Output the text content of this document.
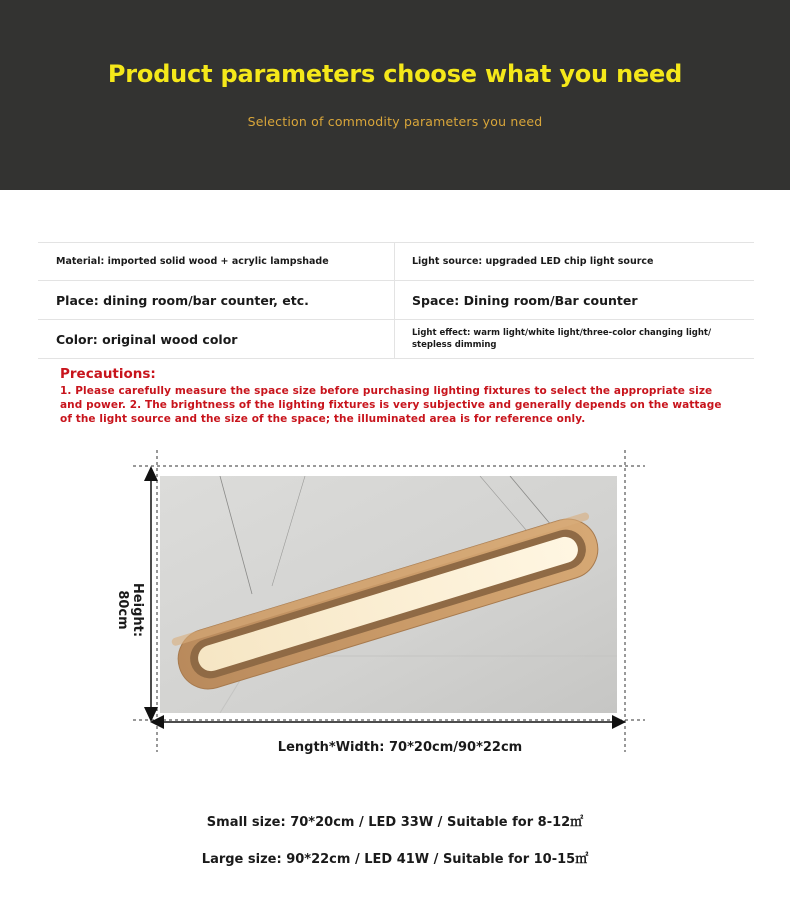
Product parameters choose what you need
Selection of commodity parameters you need
Material: imported solid wood + acrylic lampshade	Light source: upgraded LED chip light source
Place: dining room/bar counter, etc.	Space: Dining room/Bar counter
Color: original wood color	Light effect: warm light/white light/three-color changing light/
stepless dimming
Precautions:
1. Please carefully measure the space size before purchasing lighting fixtures to select the appropriate size
and power. 2. The brightness of the lighting fixtures is very subjective and generally depends on the wattage
of the light source and the size of the space; the illuminated area is for reference only.
Height: 80cm
Length*Width: 70*20cm/90*22cm
Small size: 70*20cm / LED 33W / Suitable for 8-12㎡
Large size: 90*22cm / LED 41W / Suitable for 10-15㎡
